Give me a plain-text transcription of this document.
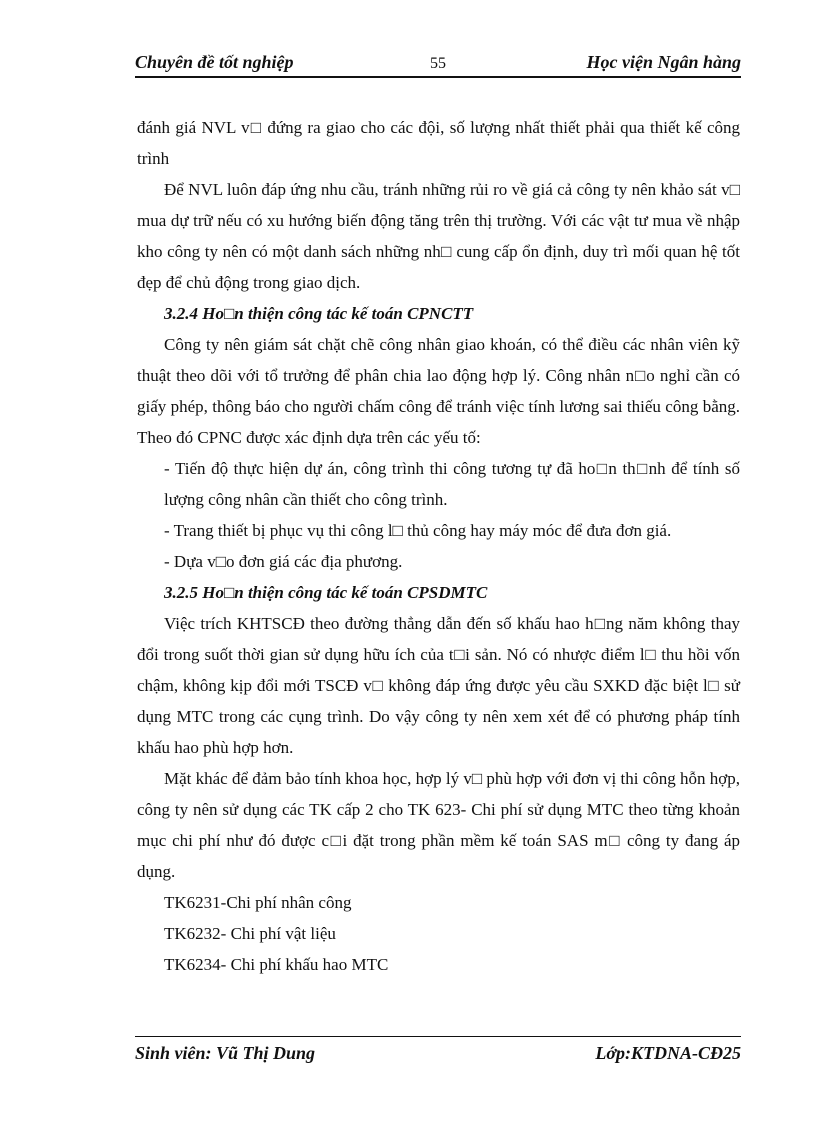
Chuyên đề tốt nghiệp	55	Học viện Ngân hàng

đánh giá NVL v□ đứng ra giao cho các đội, số lượng nhất thiết phải qua thiết kế công trình

Để NVL luôn đáp ứng nhu cầu, tránh những rủi ro về giá cả công ty nên khảo sát v□ mua dự trữ nếu có xu hướng biến động tăng trên thị trường. Với các vật tư mua về nhập kho công ty nên có một danh sách những nh□ cung cấp ổn định, duy trì mối quan hệ tốt đẹp để chủ động trong giao dịch.

3.2.4 Ho□n thiện công tác kế toán CPNCTT

Công ty nên giám sát chặt chẽ công nhân giao khoán, có thể điều các nhân viên kỹ thuật theo dõi với tổ trưởng để phân chia lao động hợp lý. Công nhân n□o nghỉ cần có giấy phép, thông báo cho người chấm công để tránh việc tính lương sai thiếu công bằng. Theo đó CPNC được xác định dựa trên các yếu tố:

- Tiến độ thực hiện dự án, công trình thi công tương tự đã ho□n th□nh để tính số lượng công nhân cần thiết cho công trình.

- Trang thiết bị phục vụ thi công l□ thủ công hay máy móc để đưa đơn giá.

- Dựa v□o đơn giá các địa phương.

3.2.5 Ho□n thiện công tác kế toán CPSDMTC

Việc trích KHTSCĐ theo đường thẳng dẫn đến số khấu hao h□ng năm không thay đổi trong suốt thời gian sử dụng hữu ích của t□i sản. Nó có nhược điểm l□ thu hồi vốn chậm, không kịp đổi mới TSCĐ v□ không đáp ứng được yêu cầu SXKD đặc biệt l□ sử dụng MTC trong các cụng trình. Do vậy công ty nên xem xét để có phương pháp tính khấu hao phù hợp hơn.

Mặt khác để đảm bảo tính khoa học, hợp lý v□ phù hợp với đơn vị thi công hỗn hợp, công ty nên sử dụng các TK cấp 2 cho TK 623- Chi phí sử dụng MTC theo từng khoản mục chi phí như đó được c□i đặt trong phần mềm kế toán SAS m□ công ty đang áp dụng.

TK6231-Chi phí nhân công

TK6232- Chi phí vật liệu

TK6234- Chi phí khấu hao MTC

Sinh viên: Vũ Thị Dung	Lớp:KTDNA-CĐ25
